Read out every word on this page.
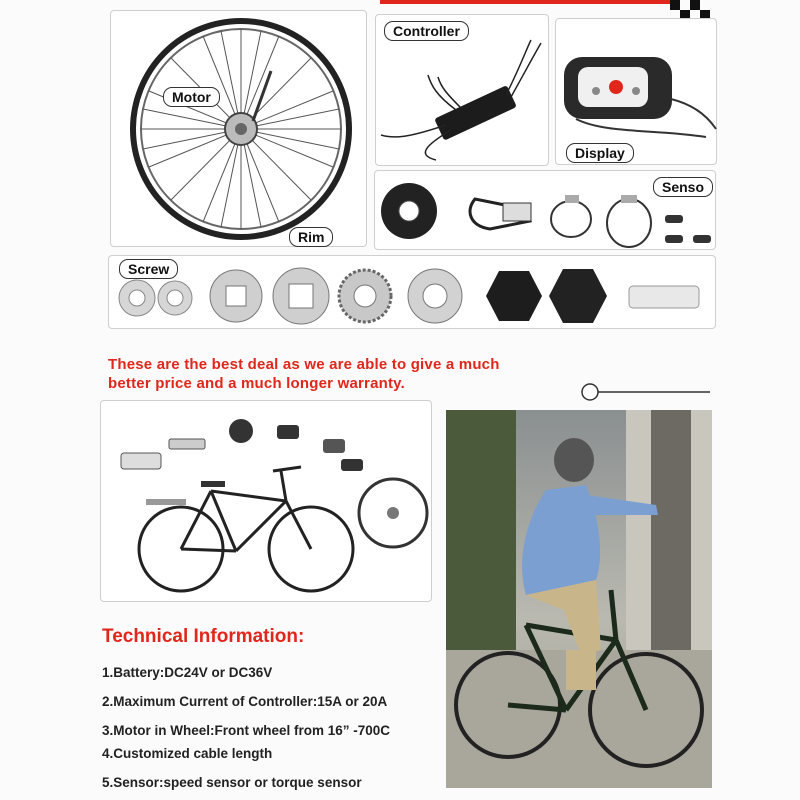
Motor
Rim
Controller
Display
Senso
Screw
These are the best deal as we are able to give a much
better price and a much longer warranty.
Technical Information:
1.Battery:DC24V or DC36V
2.Maximum Current of Controller:15A or 20A
3.Motor in Wheel:Front wheel from 16” -700C
4.Customized cable length
5.Sensor:speed sensor or torque sensor
